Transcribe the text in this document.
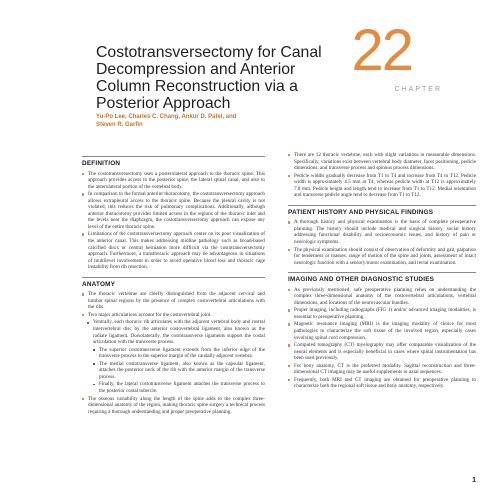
22
CHAPTER
Costotransversectomy for Canal
Decompression and Anterior
Column Reconstruction via a
Posterior Approach
Yu-Po Lee, Charles C. Chang, Ankur D. Patel, and
Steven R. Garfin
DEFINITION
The costotransversectomy uses a posterolateral approach to the thoracic spine. This approach provides access to the posterior spine, the lateral spinal canal, and also to the anterolateral portion of the vertebral body.
In comparison to the formal anterior thoracotomy, the costotransversectomy approach allows extrapleural access to the thoracic spine. Because the pleural cavity is not violated, this reduces the risk of pulmonary complications. Additionally, although anterior thoracotomy provides limited access in the regions of the thoracic inlet and the levels near the diaphragm, the costotransversectomy approach can expose any level of the entire thoracic spine.
Limitations of the costotransversectomy approach center on its poor visualization of the anterior canal. This makes addressing midline pathology such as broad-based calcified discs or central herniation more difficult via the costotransversectomy approach. Furthermore, a transthoracic approach may be advantageous in situations of multilevel involvement in order to avoid operative blood loss and thoracic cage instability from rib resection.
ANATOMY
The thoracic vertebrae are chiefly distinguished from the adjacent cervical and lumbar spinal regions by the presence of complex costovertebral articulations with the ribs.
Two major articulations account for the costovertebral joint.
Ventrally, each thoracic rib articulates with the adjacent vertebral body and rostral intervertebral disc by the anterior costovertebral ligament, also known as the radiate ligament. Dorsolaterally, the costotransverse ligaments support the costal articulation with the transverse process.
The superior costotransverse ligament extends from the inferior edge of the transverse process to the superior margin of the caudally adjacent vertebra.
The medial costotransverse ligament, also known as the capsular ligament, attaches the posterior neck of the rib with the anterior margin of the transverse process.
Finally, the lateral costotransverse ligament attaches the transverse process to the posterior costal tubercle.
The osseous variability along the length of the spine adds to the complex three-dimensional anatomy of the region, making thoracic spine surgery a technical process requiring a thorough understanding and proper preoperative planning.
There are 12 thoracic vertebrae, each with slight variations in measurable dimensions. Specifically, variations exist between vertebral body diameter, facet positioning, pedicle dimensions, and transverse process and spinous process dimensions.
Pedicle widths gradually decrease from T1 to T4 and increase from T4 to T12. Pedicle width is approximately 4.5 mm at T4, whereas pedicle width at T12 is approximately 7.8 mm. Pedicle height and length tend to increase from T1 to T12. Medial orientation and transverse pedicle angle tend to decrease from T1 to T12.
PATIENT HISTORY AND PHYSICAL FINDINGS
A thorough history and physical examination is the basis of complete preoperative planning. The history should include medical and surgical history, social history addressing functional disability and socioeconomic issues, and history of pain or neurologic symptoms.
The physical examination should consist of observation of deformity and gait, palpation for tenderness or masses, range of motion of the spine and joints, assessment of intact neurologic function with a sensory/motor examination, and rectal examination.
IMAGING AND OTHER DIAGNOSTIC STUDIES
As previously mentioned, safe preoperative planning relies on understanding the complex three-dimensional anatomy of the costovertebral articulations, vertebral dimensions, and locations of the neurovascular bundles.
Proper imaging, including radiographs (FIG 1) and/or advanced imaging modalities, is essential to preoperative planning.
Magnetic resonance imaging (MRI) is the imaging modality of choice for most pathologies to characterize the soft tissue of the involved region, especially cases involving spinal cord compression.
Computed tomography (CT) myelography may offer comparable visualization of the neural elements and is especially beneficial in cases where spinal instrumentation has been used previously.
For bony anatomy, CT is the preferred modality. Sagittal reconstruction and three-dimensional CT imaging may be useful supplements in axial sequences.
Frequently, both MRI and CT imaging are obtained for preoperative planning to characterize both the regional soft tissue and bony anatomy, respectively.
1
